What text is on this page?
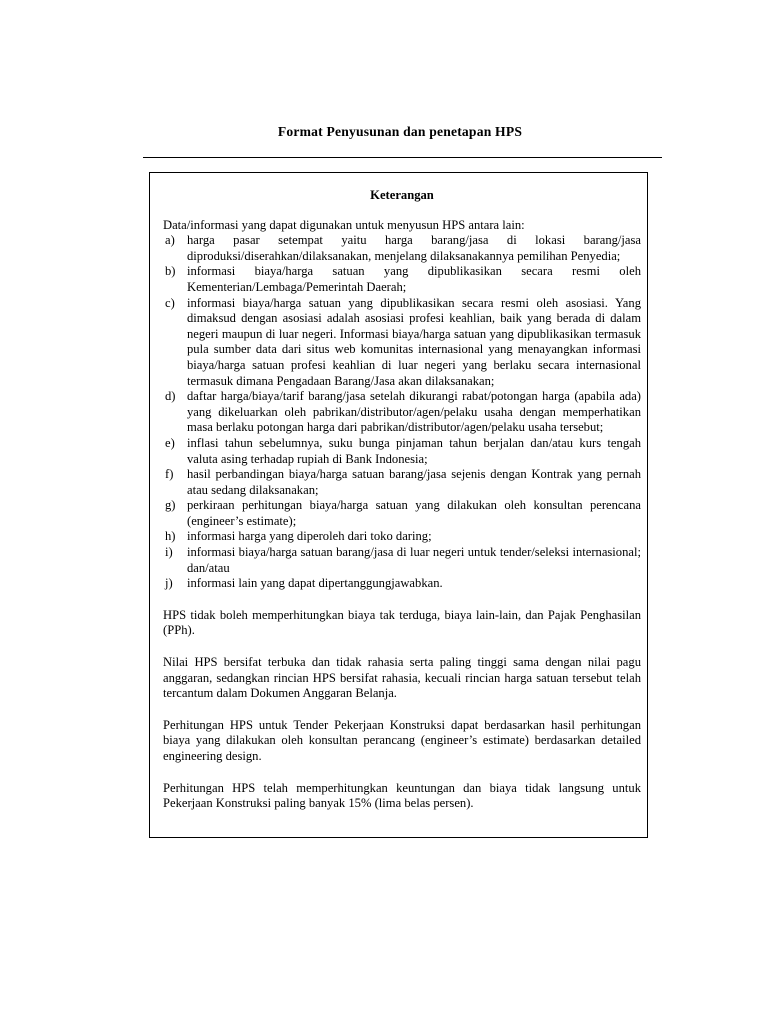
Format Penyusunan dan penetapan HPS
Keterangan

Data/informasi yang dapat digunakan untuk menyusun HPS antara lain:

a) harga pasar setempat yaitu harga barang/jasa di lokasi barang/jasa diproduksi/diserahkan/dilaksanakan, menjelang dilaksanakannya pemilihan Penyedia;
b) informasi biaya/harga satuan yang dipublikasikan secara resmi oleh Kementerian/Lembaga/Pemerintah Daerah;
c) informasi biaya/harga satuan yang dipublikasikan secara resmi oleh asosiasi. Yang dimaksud dengan asosiasi adalah asosiasi profesi keahlian, baik yang berada di dalam negeri maupun di luar negeri. Informasi biaya/harga satuan yang dipublikasikan termasuk pula sumber data dari situs web komunitas internasional yang menayangkan informasi biaya/harga satuan profesi keahlian di luar negeri yang berlaku secara internasional termasuk dimana Pengadaan Barang/Jasa akan dilaksanakan;
d) daftar harga/biaya/tarif barang/jasa setelah dikurangi rabat/potongan harga (apabila ada) yang dikeluarkan oleh pabrikan/distributor/agen/pelaku usaha dengan memperhatikan masa berlaku potongan harga dari pabrikan/distributor/agen/pelaku usaha tersebut;
e) inflasi tahun sebelumnya, suku bunga pinjaman tahun berjalan dan/atau kurs tengah valuta asing terhadap rupiah di Bank Indonesia;
f)	hasil perbandingan biaya/harga satuan barang/jasa sejenis dengan Kontrak yang pernah atau sedang dilaksanakan;
g) perkiraan perhitungan biaya/harga satuan yang dilakukan oleh konsultan perencana (engineer’s estimate);
h) informasi harga yang diperoleh dari toko daring;
i)	informasi biaya/harga satuan barang/jasa di luar negeri untuk tender/seleksi internasional; dan/atau
j)	informasi lain yang dapat dipertanggungjawabkan.

HPS tidak boleh memperhitungkan biaya tak terduga, biaya lain-lain, dan Pajak Penghasilan (PPh).

Nilai HPS bersifat terbuka dan tidak rahasia serta paling tinggi sama dengan nilai pagu anggaran, sedangkan rincian HPS bersifat rahasia, kecuali rincian harga satuan tersebut telah tercantum dalam Dokumen Anggaran Belanja.

Perhitungan HPS untuk Tender Pekerjaan Konstruksi dapat berdasarkan hasil perhitungan biaya yang dilakukan oleh konsultan perancang (engineer’s estimate) berdasarkan detailed engineering design.

Perhitungan HPS telah memperhitungkan keuntungan dan biaya tidak langsung untuk Pekerjaan Konstruksi paling banyak 15% (lima belas persen).
